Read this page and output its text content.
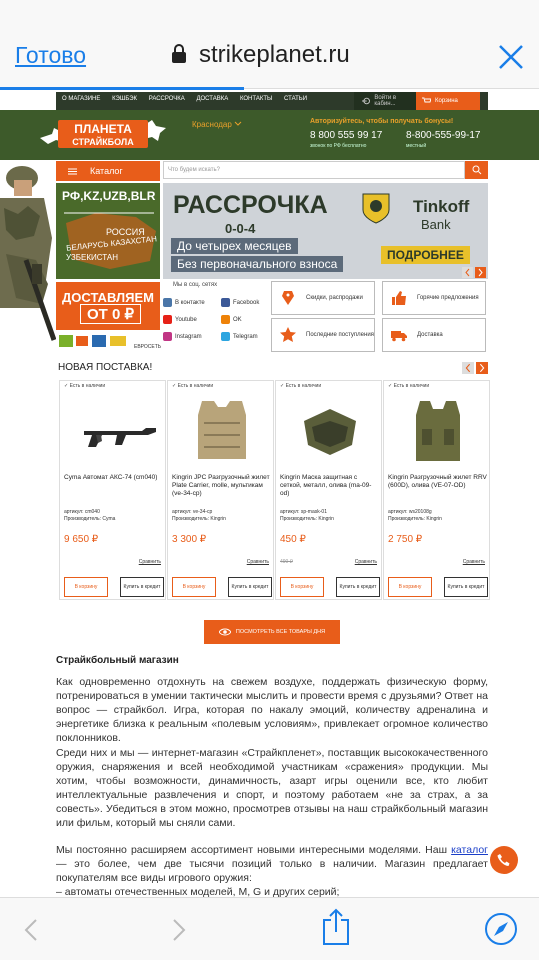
Готово	strikeplanet.ru
О МАГАЗИНЕ КЭШБЭК РАССРОЧКА ДОСТАВКА КОНТАКТЫ СТАТЬИ	Войти в кабин...	Корзина
ПЛАНЕТА
СТРАЙКБОЛА
Краснодар	Авторизуйтесь, чтобы получать бонусы!
8 800 555 99 17
звонок по РФ бесплатно
8-800-555-99-17
местный
Каталог	Что будем искать?
РФ,KZ,UZB,BLR
РОССИЯ
БЕЛАРУСЬ КАЗАХСТАН
УЗБЕКИСТАН
ДОСТАВЛЯЕМ
ОТ 0 ₽
ЕВРОСЕТЬ
РАССРОЧКА
0-0-4
До четырех месяцев
Без первоначального взноса
Tinkoff
Bank
ПОДРОБНЕЕ
Мы в соц. сетях
В контакте	Facebook
Youtube	OK
Instagram	Telegram
Скидки, распродажи	Горячие предложения
Последние поступления	Доставка
НОВАЯ ПОСТАВКА!
✓ Есть в наличии
Cyma Автомат АКС-74 (cm040)
артикул: cm040
Производитель: Cyma
9 650 ₽
Сравнить
В корзину	Купить в кредит
✓ Есть в наличии
Kingrin JPC Разгрузочный жилет Plate Carrier, molle, мультикам (ve-34-cp)
артикул: ve-34-cp
Производитель: Kingrin
3 300 ₽
Сравнить
В корзину	Купить в кредит
✓ Есть в наличии
Kingrin Маска защитная с сеткой, металл, олива (ma-09-od)
артикул: sp-mask-01
Производитель: Kingrin
450 ₽
490 ₽	Сравнить
В корзину	Купить в кредит
✓ Есть в наличии
Kingrin Разгрузочный жилет RRV (600D), олива (VE-07-OD)
артикул: ws20108g
Производитель: Kingrin
2 750 ₽
Сравнить
В корзину	Купить в кредит
ПОСМОТРЕТЬ ВСЕ ТОВАРЫ ДНЯ
Страйкбольный магазин
Как одновременно отдохнуть на свежем воздухе, поддержать физическую форму, потренироваться в умении тактически мыслить и провести время с друзьями? Ответ на вопрос — страйкбол. Игра, которая по накалу эмоций, количеству адреналина и энергетике близка к реальным «полевым условиям», привлекает огромное количество поклонников.
Среди них и мы — интернет-магазин «Страйкпленет», поставщик высококачественного оружия, снаряжения и всей необходимой участникам «сражения» продукции. Мы хотим, чтобы возможности, динамичность, азарт игры оценили все, кто любит интеллектуальные развлечения и спорт, и поэтому работаем «не за страх, а за совесть». Убедиться в этом можно, просмотрев отзывы на наш страйкбольный магазин или фильм, который мы сняли сами.
Мы постоянно расширяем ассортимент новыми интересными моделями. Наш каталог — это более, чем две тысячи позиций только в наличии. Магазин предлагает покупателям все виды игрового оружия:
– автоматы отечественных моделей, М, G и других серий;
